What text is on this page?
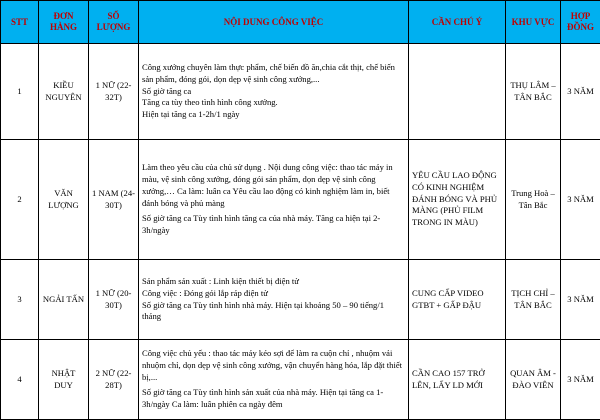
STT	ĐƠN HÀNG	SỐ LƯỢNG	NỘI DUNG CÔNG VIỆC	CẦN CHÚ Ý	KHU VỰC	HỢP ĐỒNG
1	KIỀU NGUYÊN	1 NỮ (22-32T)	Công xưởng chuyên làm thực phẩm, chế biến đồ ăn,chia cắt thịt, chế biến sản phẩm, đóng gói, dọn dẹp vệ sinh công xưởng,...

Số giờ tăng ca

Tăng ca tùy theo tình hình công xưởng.

Hiện tại tăng ca 1-2h/1 ngày		THỤ LÂM – TÂN BẮC	3 NĂM
2	VĂN LƯỢNG	1 NAM (24-30T)	Làm theo yêu cầu của chủ sử dụng . Nội dung công việc: thao tác máy in màu, vệ sinh công xưởng, đóng gói sản phẩm, dọn dẹp vệ sinh công xưởng,… Ca làm: luân ca Yêu cầu lao động có kinh nghiệm làm in, biết đánh bóng và phủ màng

Số giờ tăng ca Tùy tình hình tăng ca của nhà máy. Tăng ca hiện tại 2-3h/ngày	YÊU CẦU LAO ĐỘNG CÓ KINH NGHIỆM ĐÁNH BÓNG VÀ PHỦ MÀNG (PHỦ FILM TRONG IN MÀU)	Trung Hoà – Tân Bắc	3 NĂM
3	NGẢI TẤN	1 NỮ (20-30T)	Sản phẩm sản xuất : Linh kiện thiết bị điện tử

Công việc : Đóng gói lắp ráp điện tử

Số giờ tăng ca Tùy tình hình nhà máy. Hiện tại khoảng 50 – 90 tiếng/1 tháng	CUNG CẤP VIDEO GTBT + GẤP ĐẬU	TỊCH CHỈ – TÂN BẮC	3 NĂM
4	NHẬT DUY	2 NỮ (22-28T)	Công việc chủ yếu : thao tác máy kéo sợi để làm ra cuộn chỉ , nhuộm vải nhuộm chỉ, dọn dẹp vệ sinh công xưởng, vận chuyển hàng hóa, lắp đặt thiết bị,...

Số giờ tăng ca Tùy tình hình sản xuất của nhà máy. Hiện tại tăng ca 1-3h/ngày Ca làm: luân phiên ca ngày đêm	CẦN CAO 157 TRỞ LÊN, LẤY LD MỚI	QUAN ÂM - ĐÀO VIÊN	3 NĂM
